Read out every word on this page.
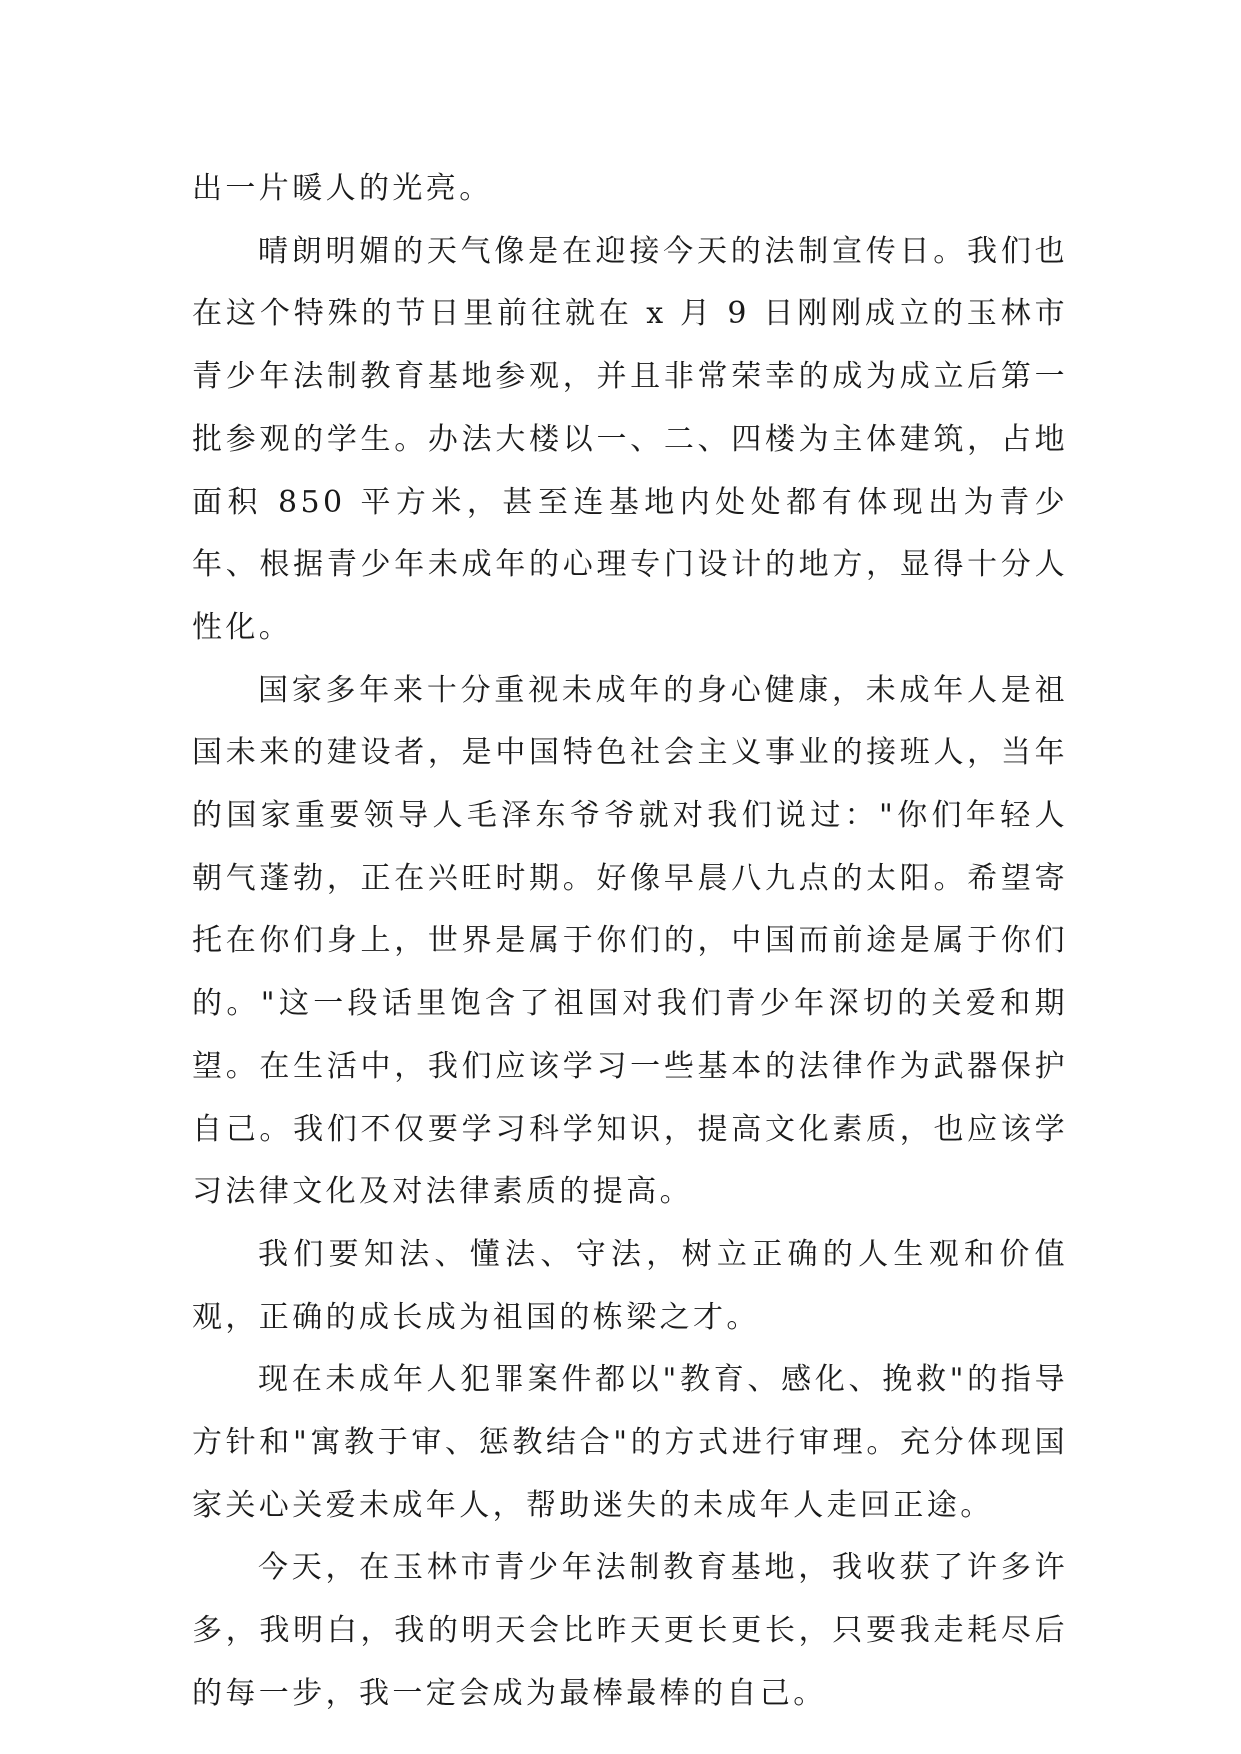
出一片暖人的光亮。

晴朗明媚的天气像是在迎接今天的法制宣传日。我们也在这个特殊的节日里前往就在 x 月 9 日刚刚成立的玉林市青少年法制教育基地参观，并且非常荣幸的成为成立后第一批参观的学生。办法大楼以一、二、四楼为主体建筑，占地面积 850 平方米，甚至连基地内处处都有体现出为青少年、根据青少年未成年的心理专门设计的地方，显得十分人性化。

国家多年来十分重视未成年的身心健康，未成年人是祖国未来的建设者，是中国特色社会主义事业的接班人，当年的国家重要领导人毛泽东爷爷就对我们说过："你们年轻人朝气蓬勃，正在兴旺时期。好像早晨八九点的太阳。希望寄托在你们身上，世界是属于你们的，中国而前途是属于你们的。"这一段话里饱含了祖国对我们青少年深切的关爱和期望。在生活中，我们应该学习一些基本的法律作为武器保护自己。我们不仅要学习科学知识，提高文化素质，也应该学习法律文化及对法律素质的提高。

我们要知法、懂法、守法，树立正确的人生观和价值观，正确的成长成为祖国的栋梁之才。

现在未成年人犯罪案件都以"教育、感化、挽救"的指导方针和"寓教于审、惩教结合"的方式进行审理。充分体现国家关心关爱未成年人，帮助迷失的未成年人走回正途。

今天，在玉林市青少年法制教育基地，我收获了许多许多，我明白，我的明天会比昨天更长更长，只要我走耗尽后的每一步，我一定会成为最棒最棒的自己。
